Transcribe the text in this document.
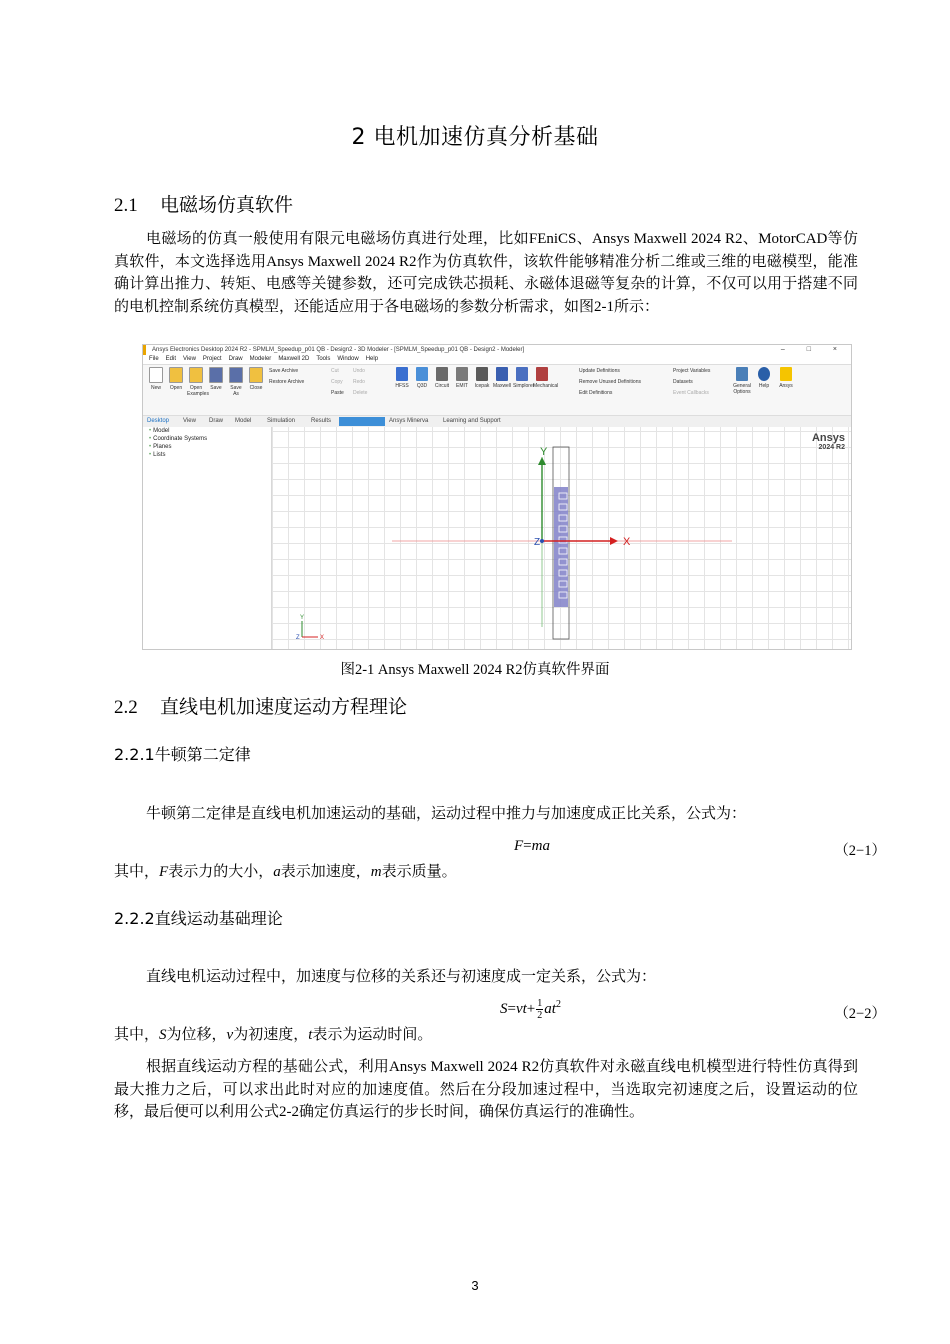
2 电机加速仿真分析基础
2.1 电磁场仿真软件
电磁场的仿真一般使用有限元电磁场仿真进行处理，比如FEniCS、Ansys Maxwell 2024 R2、MotorCAD等仿真软件，本文选择选用Ansys Maxwell 2024 R2作为仿真软件，该软件能够精准分析二维或三维的电磁模型，能准确计算出推力、转矩、电感等关键参数，还可完成铁芯损耗、永磁体退磁等复杂的计算，不仅可以用于搭建不同的电机控制系统仿真模型，还能适应用于各电磁场的参数分析需求，如图2-1所示：
Ansys Electronics Desktop 2024 R2 - SPMLM_Speedup_p01 QB - Design2 - 3D Modeler - [SPMLM_Speedup_p01 QB - Design2 - Modeler]	– □ ×
File Edit View Project Draw Modeler Maxwell 2D Tools Window Help
New	Open	Open Examples
Save	Save As
Close
Save Archive
Restore Archive
Cut
Copy
Paste
Undo
Redo
Delete
HFSS	Q3D	Circuit	EMIT	Icepak Maxwell Simplorer
Mechanical
Update Definitions
Remove Unused Definitions
Edit Definitions
Project Variables
Datasets
Event Callbacks
General Options
Help	Ansys
Desktop View Draw Model	Simulation	Results	Ansys Minerva Learning and Support
• Model
• Coordinate Systems
• Planes
• Lists
Ansys
2024 R2
X
Y
Z
Y
X
Z
图2-1 Ansys Maxwell 2024 R2仿真软件界面
2.2 直线电机加速度运动方程理论
2.2.1牛顿第二定律
牛顿第二定律是直线电机加速运动的基础，运动过程中推力与加速度成正比关系，公式为：
F=ma	（2−1）
其中，F表示力的大小，a表示加速度，m表示质量。
2.2.2直线运动基础理论
直线电机运动过程中，加速度与位移的关系还与初速度成一定关系，公式为：
$S=vt+ \frac{1}{2} at^2$
（2−2）
其中，S为位移，v为初速度，t表示为运动时间。
根据直线运动方程的基础公式，利用Ansys Maxwell 2024 R2仿真软件对永磁直线电机模型进行特性仿真得到最大推力之后，可以求出此时对应的加速度值。然后在分段加速过程中，当选取完初速度之后，设置运动的位移，最后便可以利用公式2-2确定仿真运行的步长时间，确保仿真运行的准确性。
3
